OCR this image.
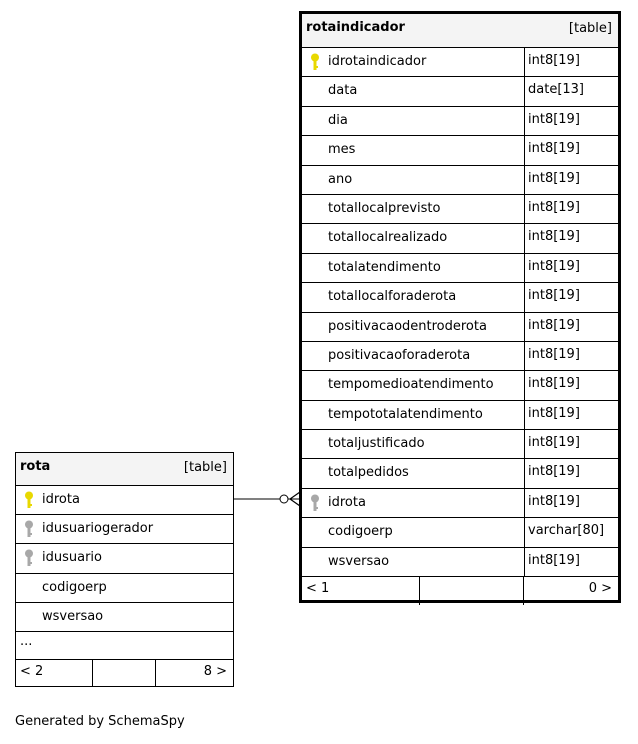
rotaindicador	[table]
idrotaindicador	int8[19]
data	date[13]
dia	int8[19]
mes	int8[19]
ano	int8[19]
totallocalprevisto	int8[19]
totallocalrealizado	int8[19]
totalatendimento	int8[19]
totallocalforaderota	int8[19]
positivacaodentroderota	int8[19]
positivacaoforaderota	int8[19]
tempomedioatendimento	int8[19]
tempototalatendimento	int8[19]
totaljustificado	int8[19]
totalpedidos	int8[19]
idrota	int8[19]
codigoerp	varchar[80]
wsversao	int8[19]
< 1	0 >
rota	[table]
idrota
idusuariogerador
idusuario
codigoerp
wsversao
...
< 2	8 >
Generated by SchemaSpy
